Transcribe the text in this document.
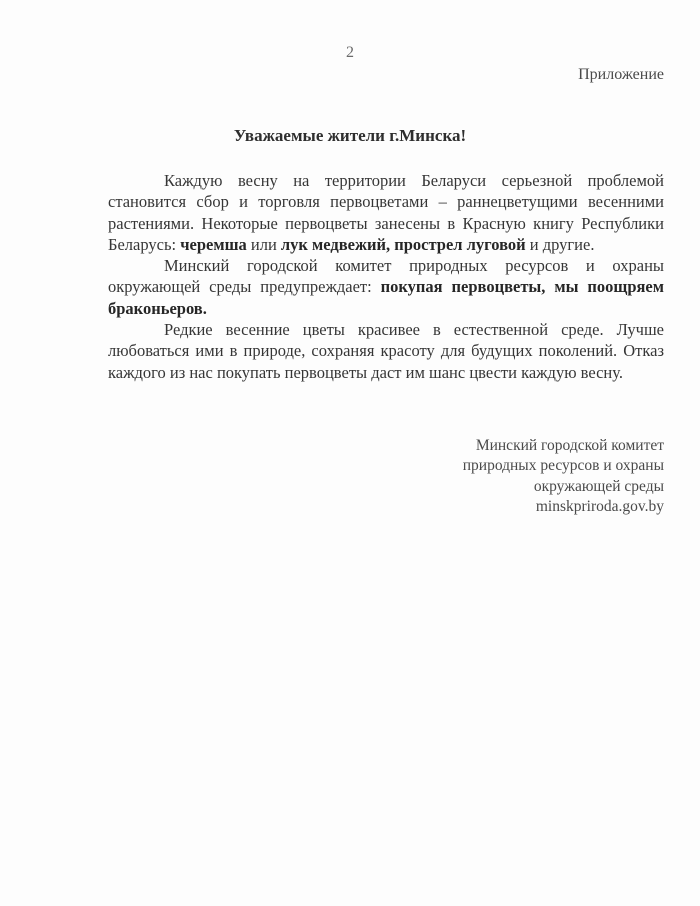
2
Приложение
Уважаемые жители г.Минска!

Каждую весну на территории Беларуси серьезной проблемой становится сбор и торговля первоцветами – раннецветущими весенними растениями. Некоторые первоцветы занесены в Красную книгу Республики Беларусь: черемша или лук медвежий, прострел луговой и другие.

Минский городской комитет природных ресурсов и охраны окружающей среды предупреждает: покупая первоцветы, мы поощряем браконьеров.

Редкие весенние цветы красивее в естественной среде. Лучше любоваться ими в природе, сохраняя красоту для будущих поколений. Отказ каждого из нас покупать первоцветы даст им шанс цвести каждую весну.

Минский городской комитет
природных ресурсов и охраны
окружающей среды
minskpriroda.gov.by
